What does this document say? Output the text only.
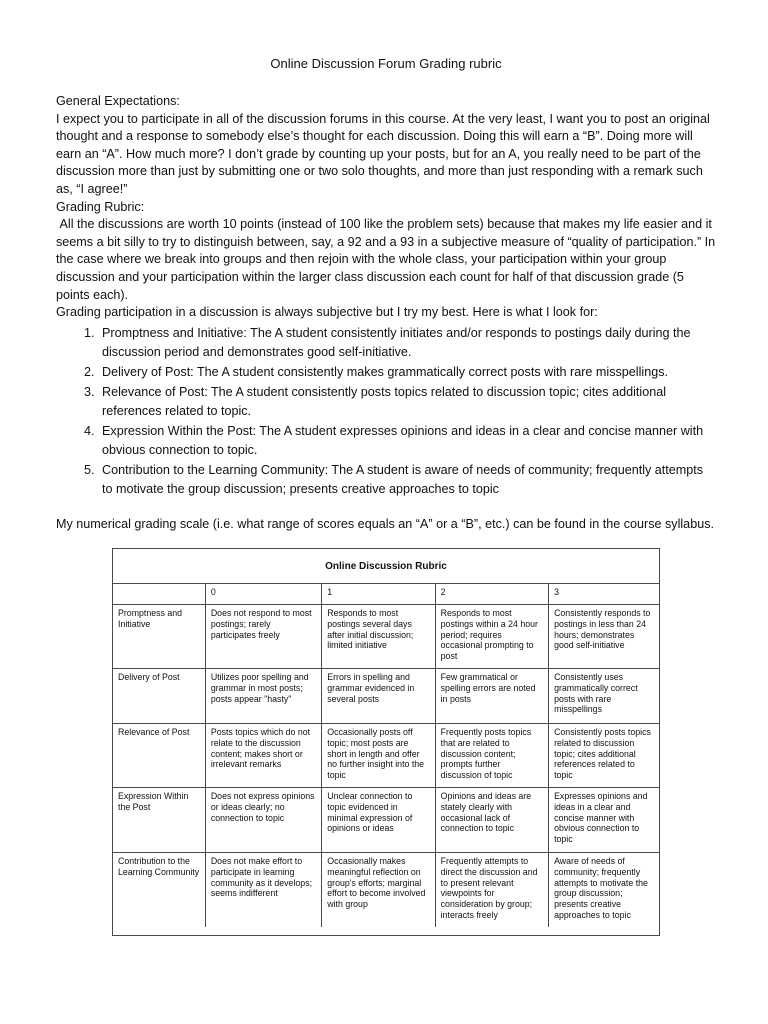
Online Discussion Forum Grading rubric

General Expectations:

I expect you to participate in all of the discussion forums in this course. At the very least, I want you to post an original thought and a response to somebody else’s thought for each discussion. Doing this will earn a “B”. Doing more will earn an “A”. How much more? I don’t grade by counting up your posts, but for an A, you really need to be part of the discussion more than just by submitting one or two solo thoughts, and more than just responding with a remark such as, “I agree!”

Grading Rubric:

All the discussions are worth 10 points (instead of 100 like the problem sets) because that makes my life easier and it seems a bit silly to try to distinguish between, say, a 92 and a 93 in a subjective measure of “quality of participation.” In the case where we break into groups and then rejoin with the whole class, your participation within your group discussion and your participation within the larger class discussion each count for half of that discussion grade (5 points each).

Grading participation in a discussion is always subjective but I try my best. Here is what I look for:

1. Promptness and Initiative: The A student consistently initiates and/or responds to postings daily during the discussion period and demonstrates good self-initiative.
2. Delivery of Post: The A student consistently makes grammatically correct posts with rare misspellings.
3. Relevance of Post: The A student consistently posts topics related to discussion topic; cites additional references related to topic.
4. Expression Within the Post: The A student expresses opinions and ideas in a clear and concise manner with obvious connection to topic.
5. Contribution to the Learning Community: The A student is aware of needs of community; frequently attempts to motivate the group discussion; presents creative approaches to topic

My numerical grading scale (i.e. what range of scores equals an “A” or a “B”, etc.) can be found in the course syllabus.

Online Discussion Rubric
	0	1	2	3
Promptness and Initiative	Does not respond to most postings; rarely participates freely	Responds to most postings several days after initial discussion; limited initiative	Responds to most postings within a 24 hour period; requires occasional prompting to post	Consistently responds to postings in less than 24 hours; demonstrates good self-initiative
Delivery of Post	Utilizes poor spelling and grammar in most posts; posts appear "hasty"	Errors in spelling and grammar evidenced in several posts	Few grammatical or spelling errors are noted in posts	Consistently uses grammatically correct posts with rare misspellings
Relevance of Post	Posts topics which do not relate to the discussion content; makes short or irrelevant remarks	Occasionally posts off topic; most posts are short in length and offer no further insight into the topic	Frequently posts topics that are related to discussion content; prompts further discussion of topic	Consistently posts topics related to discussion topic; cites additional references related to topic
Expression Within the Post	Does not express opinions or ideas clearly; no connection to topic	Unclear connection to topic evidenced in minimal expression of opinions or ideas	Opinions and ideas are stately clearly with occasional lack of connection to topic	Expresses opinions and ideas in a clear and concise manner with obvious connection to topic
Contribution to the Learning Community	Does not make effort to participate in learning community as it develops; seems indifferent	Occasionally makes meaningful reflection on group's efforts; marginal effort to become involved with group	Frequently attempts to direct the discussion and to present relevant viewpoints for consideration by group; interacts freely	Aware of needs of community; frequently attempts to motivate the group discussion; presents creative approaches to topic
